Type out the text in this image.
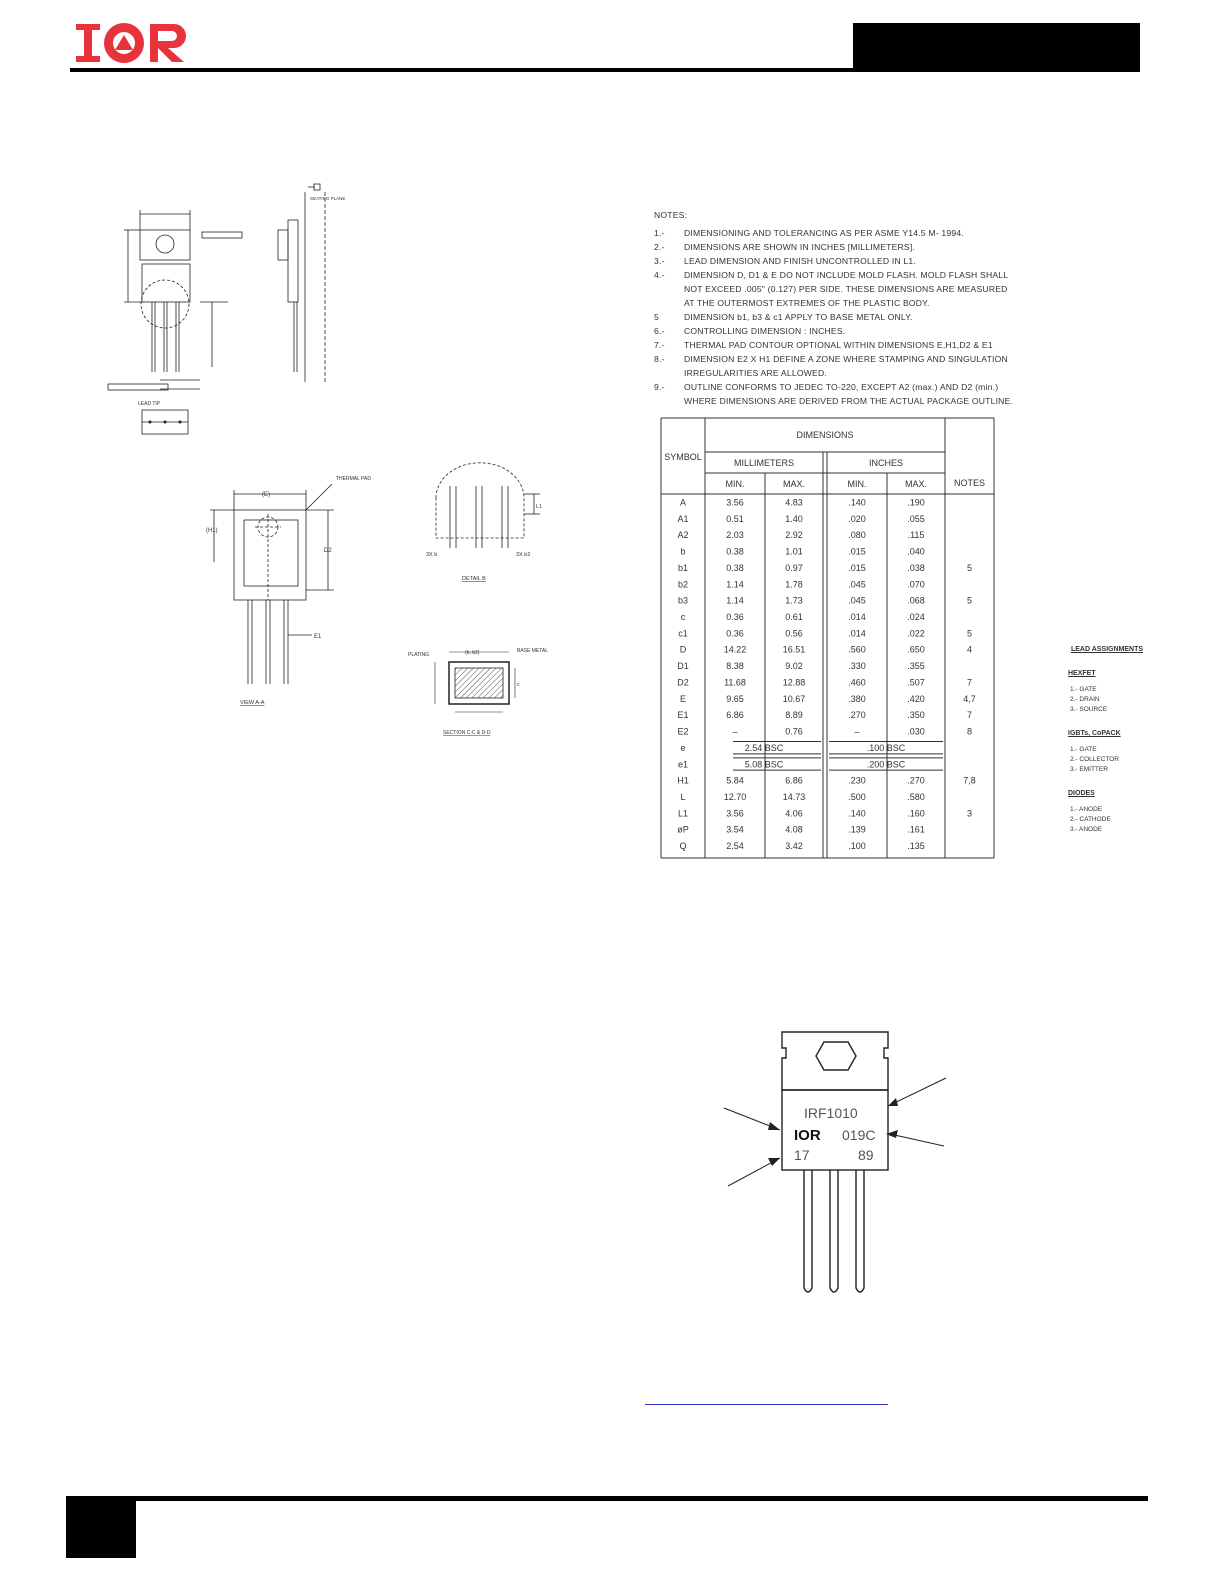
LEAD TIP
SEATING PLANE
(E)
(H1)
D2
E1
THERMAL PAD
VIEW A-A
3X b	3X b2
L1
DETAIL B
PLATING	(b, b2)	BASE METAL
c
SECTION C-C & D-D
NOTES:
1.-	DIMENSIONING AND TOLERANCING AS PER ASME Y14.5 M- 1994.
2.-	DIMENSIONS ARE SHOWN IN INCHES [MILLIMETERS].
3.-	LEAD DIMENSION AND FINISH UNCONTROLLED IN L1.
4.-	DIMENSION D, D1 & E DO NOT INCLUDE MOLD FLASH. MOLD FLASH SHALL NOT EXCEED .005" (0.127) PER SIDE. THESE DIMENSIONS ARE MEASURED AT THE OUTERMOST EXTREMES OF THE PLASTIC BODY.
5	DIMENSION b1, b3 & c1 APPLY TO BASE METAL ONLY.
6.-	CONTROLLING DIMENSION : INCHES.
7.-	THERMAL PAD CONTOUR OPTIONAL WITHIN DIMENSIONS E,H1,D2 & E1
8.-	DIMENSION E2 X H1 DEFINE A ZONE WHERE STAMPING AND SINGULATION IRREGULARITIES ARE ALLOWED.
9.-	OUTLINE CONFORMS TO JEDEC TO-220, EXCEPT A2 (max.) AND D2 (min.) WHERE DIMENSIONS ARE DERIVED FROM THE ACTUAL PACKAGE OUTLINE.
DIMENSIONS
SYMBOL
MILLIMETERS	INCHES
NOTES
MIN.	MAX.	MIN.	MAX.
A	3.56	4.83	.140	.190
A1	0.51	1.40	.020	.055
A2	2.03	2.92	.080	.115
b	0.38	1.01	.015	.040
b1	0.38	0.97	.015	.038	5
b2	1.14	1.78	.045	.070
b3	1.14	1.73	.045	.068	5
c	0.36	0.61	.014	.024
c1	0.36	0.56	.014	.022	5
D	14.22	16.51	.560	.650	4
D1	8.38	9.02	.330	.355
D2	11.68	12.88	.460	.507	7
E	9.65	10.67	.380	.420	4,7
E1	6.86	8.89	.270	.350	7
E2	–	0.76	–	.030	8
e	2.54 BSC	.100 BSC
e1	5.08 BSC	.200 BSC
H1	5.84	6.86	.230	.270	7,8
L	12.70	14.73	.500	.580
L1	3.56	4.06	.140	.160	3
øP	3.54	4.08	.139	.161
Q	2.54	3.42	.100	.135
LEAD ASSIGNMENTS
HEXFET
1.- GATE
2.- DRAIN
3.- SOURCE
IGBTs, CoPACK
1.- GATE
2.- COLLECTOR
3.- EMITTER
DIODES
1.- ANODE
2.- CATHODE
3.- ANODE
IRF1010
IOR 019C
17	89
